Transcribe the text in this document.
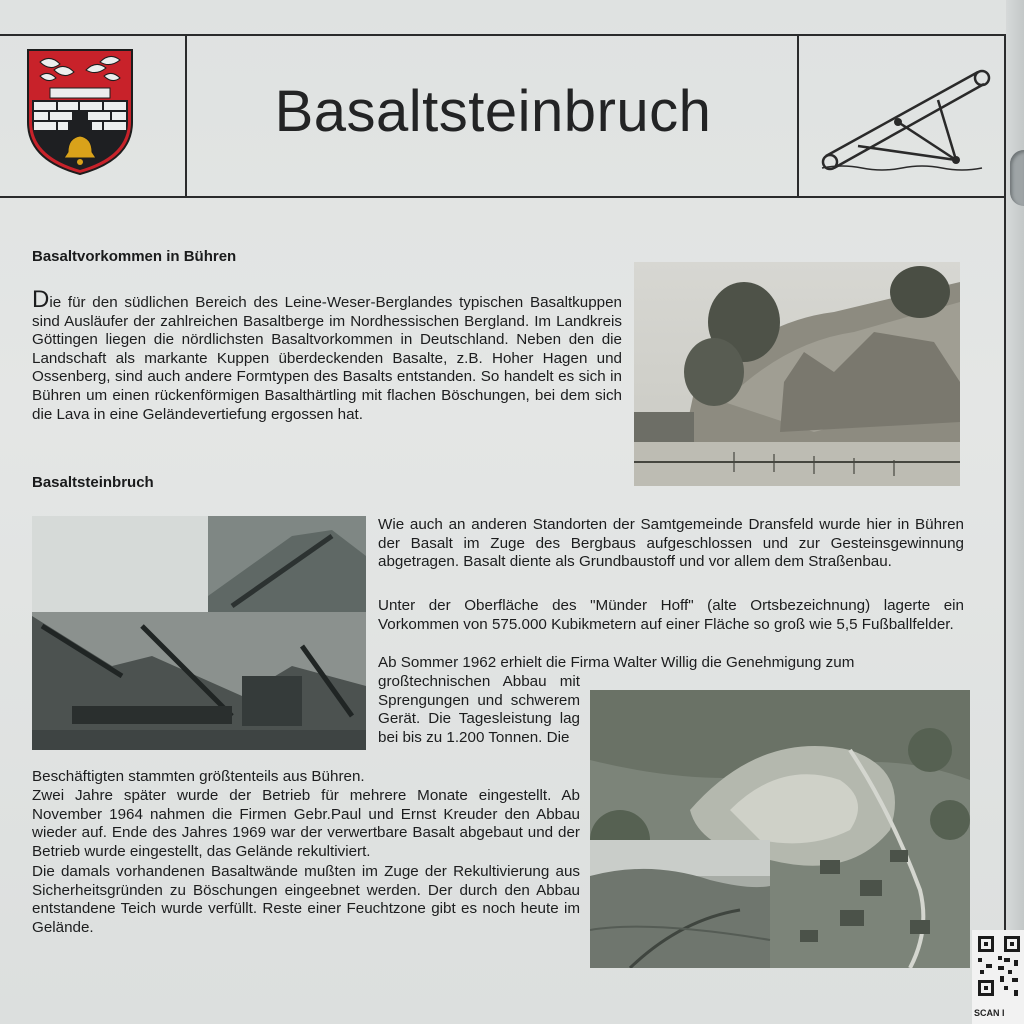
Basaltsteinbruch
Basaltvorkommen in Bühren
Die für den südlichen Bereich des Leine-Weser-Berglandes typischen Basaltkuppen sind Ausläufer der zahlreichen Basaltberge im Nordhessischen Bergland. Im Landkreis Göttingen liegen die nördlichsten Basaltvorkommen in Deutschland. Neben den die Landschaft als markante Kuppen überdeckenden Basalte, z.B. Hoher Hagen und Ossenberg, sind auch andere Formtypen des Basalts entstanden. So handelt es sich in Bühren um einen rückenförmigen Basalthärtling mit flachen Böschungen, bei dem sich die Lava in eine Geländevertiefung ergossen hat.
Basaltsteinbruch
Wie auch an anderen Standorten der Samtgemeinde Dransfeld wurde hier in Bühren der Basalt im Zuge des Bergbaus aufgeschlossen und zur Gesteinsgewinnung abgetragen. Basalt diente als Grundbaustoff und vor allem dem Straßenbau.
Unter der Oberfläche des "Münder Hoff" (alte Ortsbezeichnung) lagerte ein Vorkommen von 575.000 Kubikmetern auf einer Fläche so groß wie 5,5 Fußballfelder.
Ab Sommer 1962 erhielt die Firma Walter Willig die Genehmigung zum
großtechnischen Abbau mit Sprengungen und schwerem Gerät. Die Tagesleistung lag bei bis zu 1.200 Tonnen. Die
Beschäftigten stammten größtenteils aus Bühren.
Zwei Jahre später wurde der Betrieb für mehrere Monate eingestellt. Ab November 1964 nahmen die Firmen Gebr.Paul und Ernst Kreuder den Abbau wieder auf. Ende des Jahres 1969 war der verwertbare Basalt abgebaut und der Betrieb wurde eingestellt, das Gelände rekultiviert.
Die damals vorhandenen Basaltwände mußten im Zuge der Rekultivierung aus Sicherheitsgründen zu Böschungen eingeebnet werden. Der durch den Abbau entstandene Teich wurde verfüllt. Reste einer Feuchtzone gibt es noch heute im Gelände.
SCAN I
